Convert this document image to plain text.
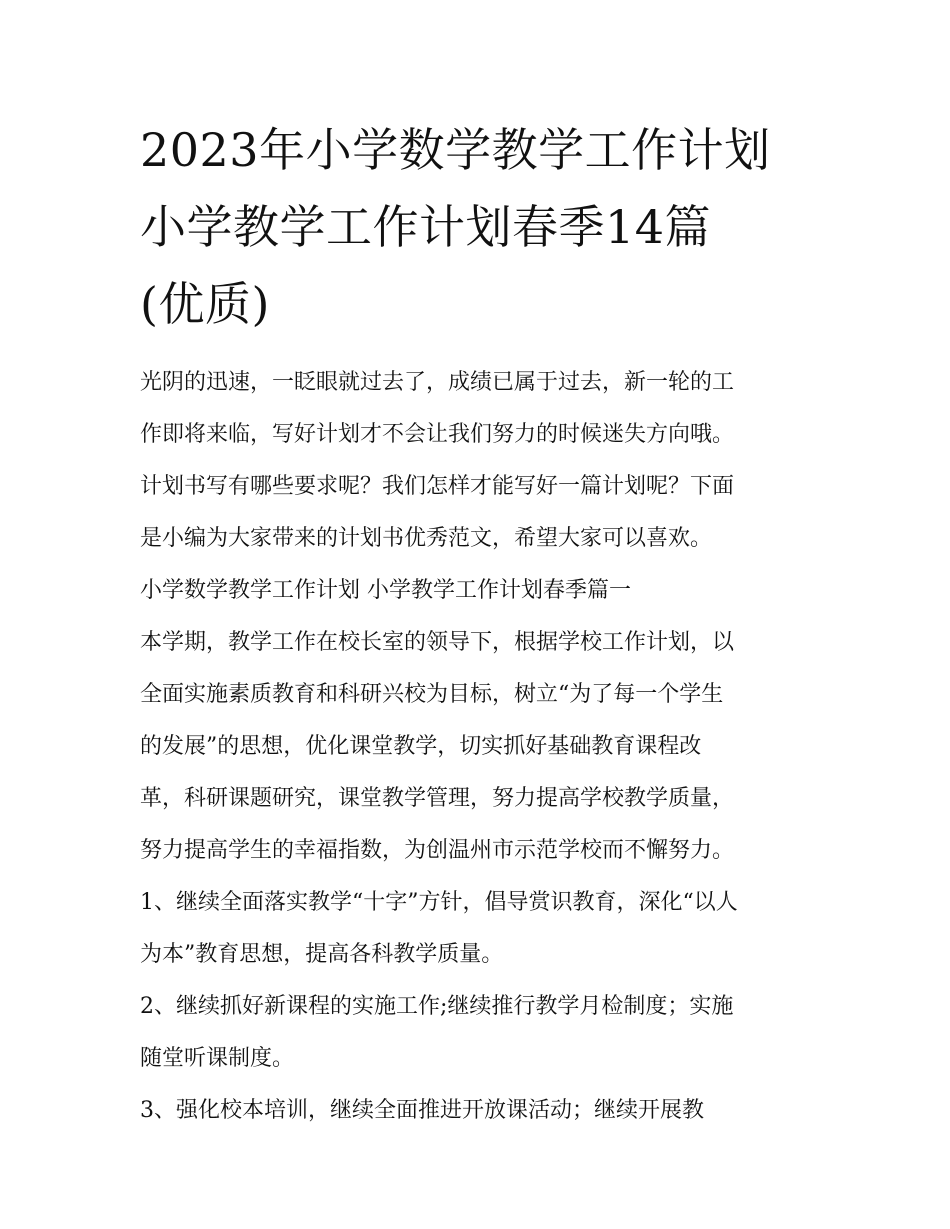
2023年小学数学教学工作计划
小学教学工作计划春季14篇
(优质)

光阴的迅速，一眨眼就过去了，成绩已属于过去，新一轮的工
作即将来临，写好计划才不会让我们努力的时候迷失方向哦。
计划书写有哪些要求呢？我们怎样才能写好一篇计划呢？下面
是小编为大家带来的计划书优秀范文，希望大家可以喜欢。

小学数学教学工作计划 小学教学工作计划春季篇一

本学期，教学工作在校长室的领导下，根据学校工作计划，以
全面实施素质教育和科研兴校为目标，树立“为了每一个学生
的发展”的思想，优化课堂教学，切实抓好基础教育课程改
革，科研课题研究，课堂教学管理，努力提高学校教学质量，
努力提高学生的幸福指数，为创温州市示范学校而不懈努力。

1、继续全面落实教学“十字”方针，倡导赏识教育，深化“以人
为本”教育思想，提高各科教学质量。

2、继续抓好新课程的实施工作;继续推行教学月检制度；实施
随堂听课制度。

3、强化校本培训，继续全面推进开放课活动；继续开展教
